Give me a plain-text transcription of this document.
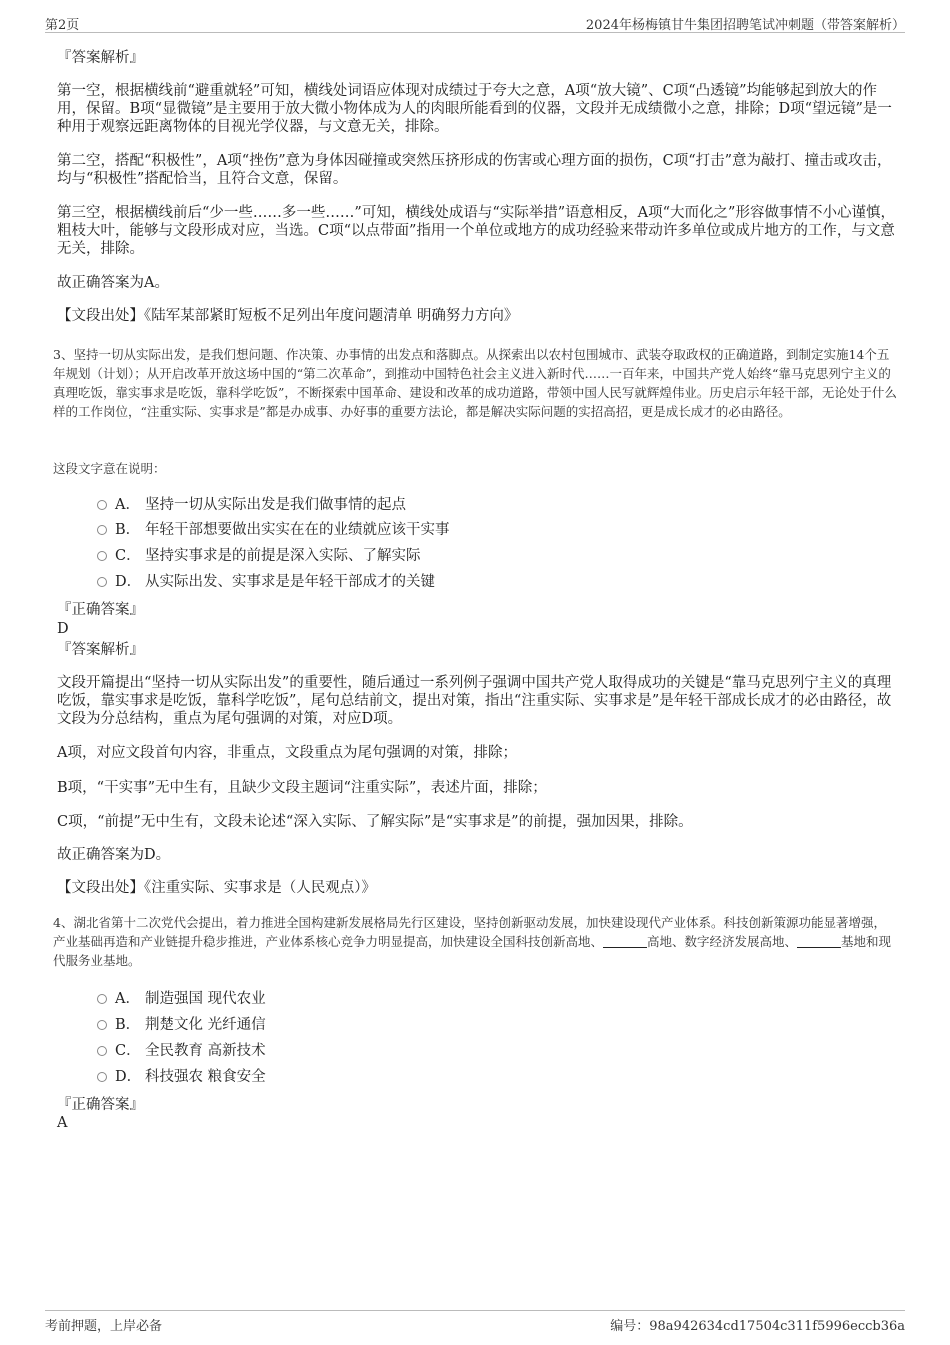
第2页	2024年杨梅镇甘牛集团招聘笔试冲刺题（带答案解析）
『答案解析』
第一空，根据横线前“避重就轻”可知，横线处词语应体现对成绩过于夸大之意，A项“放大镜”、C项“凸透镜”均能够起到放大的作用，保留。B项“显微镜”是主要用于放大微小物体成为人的肉眼所能看到的仪器，文段并无成绩微小之意，排除；D项“望远镜”是一种用于观察远距离物体的目视光学仪器，与文意无关，排除。
第二空，搭配“积极性”，A项“挫伤”意为身体因碰撞或突然压挤形成的伤害或心理方面的损伤，C项“打击”意为敲打、撞击或攻击，均与“积极性”搭配恰当，且符合文意，保留。
第三空，根据横线前后“少一些……多一些……”可知，横线处成语与“实际举措”语意相反，A项“大而化之”形容做事情不小心谨慎，粗枝大叶，能够与文段形成对应，当选。C项“以点带面”指用一个单位或地方的成功经验来带动许多单位或成片地方的工作，与文意无关，排除。
故正确答案为A。
【文段出处】《陆军某部紧盯短板不足列出年度问题清单 明确努力方向》
3、坚持一切从实际出发，是我们想问题、作决策、办事情的出发点和落脚点。从探索出以农村包围城市、武装夺取政权的正确道路，到制定实施14个五年规划（计划）；从开启改革开放这场中国的“第二次革命”，到推动中国特色社会主义进入新时代……一百年来，中国共产党人始终“靠马克思列宁主义的真理吃饭，靠实事求是吃饭，靠科学吃饭”，不断探索中国革命、建设和改革的成功道路，带领中国人民写就辉煌伟业。历史启示年轻干部，无论处于什么样的工作岗位，“注重实际、实事求是”都是办成事、办好事的重要方法论，都是解决实际问题的实招高招，更是成长成才的必由路径。
这段文字意在说明：
A． 坚持一切从实际出发是我们做事情的起点
B． 年轻干部想要做出实实在在的业绩就应该干实事
C． 坚持实事求是的前提是深入实际、了解实际
D． 从实际出发、实事求是是年轻干部成才的关键
『正确答案』
D
『答案解析』
文段开篇提出“坚持一切从实际出发”的重要性，随后通过一系列例子强调中国共产党人取得成功的关键是“靠马克思列宁主义的真理吃饭，靠实事求是吃饭，靠科学吃饭”，尾句总结前文，提出对策，指出“注重实际、实事求是”是年轻干部成长成才的必由路径，故文段为分总结构，重点为尾句强调的对策，对应D项。
A项，对应文段首句内容，非重点，文段重点为尾句强调的对策，排除；
B项，“干实事”无中生有，且缺少文段主题词“注重实际”，表述片面，排除；
C项，“前提”无中生有，文段未论述“深入实际、了解实际”是“实事求是”的前提，强加因果，排除。
故正确答案为D。
【文段出处】《注重实际、实事求是（人民观点）》
4、湖北省第十二次党代会提出，着力推进全国构建新发展格局先行区建设，坚持创新驱动发展，加快建设现代产业体系。科技创新策源功能显著增强，产业基础再造和产业链提升稳步推进，产业体系核心竞争力明显提高，加快建设全国科技创新高地、	高地、数字经济发展高地、	基地和现代服务业基地。
A． 制造强国 现代农业
B． 荆楚文化 光纤通信
C． 全民教育 高新技术
D． 科技强农 粮食安全
『正确答案』
A
考前押题，上岸必备	编号：98a942634cd17504c311f5996eccb36a
